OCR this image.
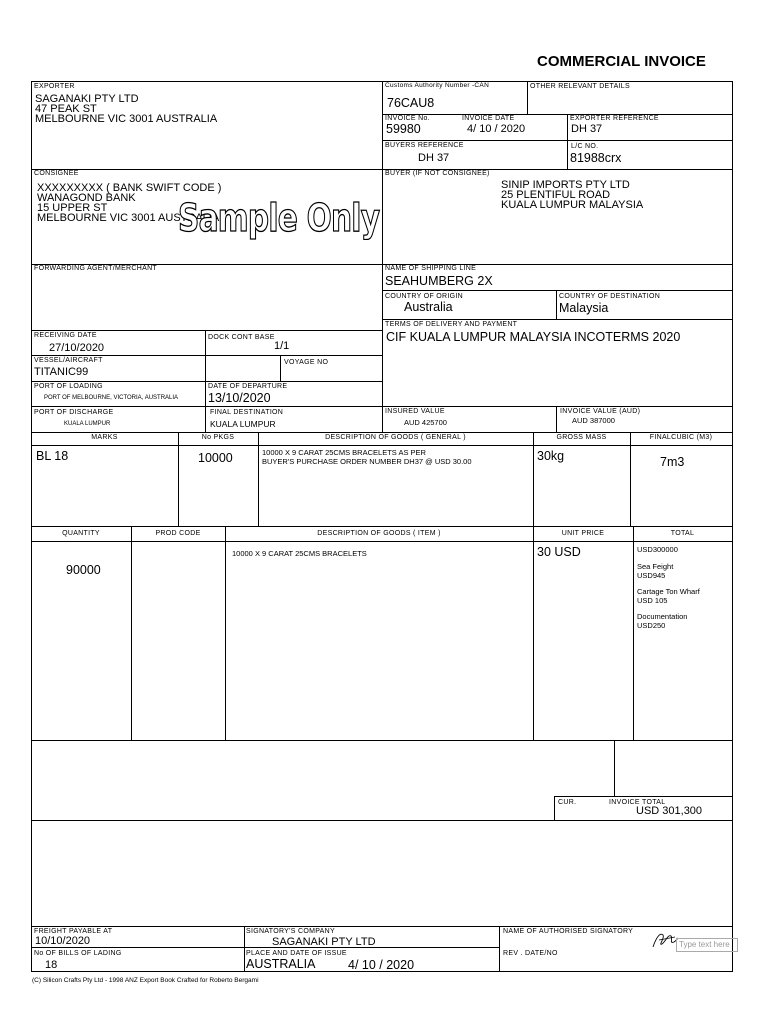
COMMERCIAL INVOICE
EXPORTER
SAGANAKI PTY LTD
47 PEAK ST
MELBOURNE VIC 3001 AUSTRALIA
Customs Authority Number -CAN
76CAU8
OTHER RELEVANT DETAILS
INVOICE No.
59980
INVOICE DATE
4/ 10 / 2020
EXPORTER REFERENCE
DH 37
BUYERS REFERENCE
DH 37
L/C NO.
81988crx
CONSIGNEE
XXXXXXXXX ( BANK SWIFT CODE )
WANAGOND BANK
15 UPPER ST
MELBOURNE VIC 3001 AUSTRALIA
Sample Only
BUYER (IF NOT CONSIGNEE)
SINIP IMPORTS PTY LTD
25 PLENTIFUL ROAD
KUALA LUMPUR MALAYSIA
FORWARDING AGENT/MERCHANT	NAME OF SHIPPING LINE
SEAHUMBERG 2X
COUNTRY OF ORIGIN
Australia
COUNTRY OF DESTINATION
Malaysia
TERMS OF DELIVERY AND PAYMENT
CIF KUALA LUMPUR MALAYSIA INCOTERMS 2020
RECEIVING DATE
27/10/2020
DOCK CONT BASE
1/1
VESSEL/AIRCRAFT
TITANIC99
VOYAGE NO
PORT OF LOADING
PORT OF MELBOURNE, VICTORIA, AUSTRALIA
DATE OF DEPARTURE
13/10/2020
PORT OF DISCHARGE
KUALA LUMPUR
FINAL DESTINATION
KUALA LUMPUR
INSURED VALUE
AUD 425700
INVOICE VALUE (AUD)
AUD 387000
MARKS	No PKGS	DESCRIPTION OF GOODS ( GENERAL )	GROSS MASS	FINALCUBIC (M3)
BL 18	10000	10000 X 9 CARAT 25CMS BRACELETS AS PER
BUYER'S PURCHASE ORDER NUMBER DH37 @ USD 30.00	30kg	7m3
QUANTITY	PROD CODE	DESCRIPTION OF GOODS ( ITEM )	UNIT PRICE	TOTAL
90000
10000 X 9 CARAT 25CMS BRACELETS	30 USD	USD300000
Sea Feight
USD945
Cartage Ton Wharf
USD 105
Documentation
USD250
CUR.	INVOICE TOTAL
USD 301,300
FREIGHT PAYABLE AT
10/10/2020
No OF BILLS OF LADING
18
SIGNATORY'S COMPANY
SAGANAKI PTY LTD
PLACE AND DATE OF ISSUE
AUSTRALIA	4/ 10 / 2020
NAME OF AUTHORISED SIGNATORY
Type text here
REV . DATE/NO
(C) Silicon Crafts Pty Ltd - 1998 ANZ Export Book Crafted for Roberto Bergami
